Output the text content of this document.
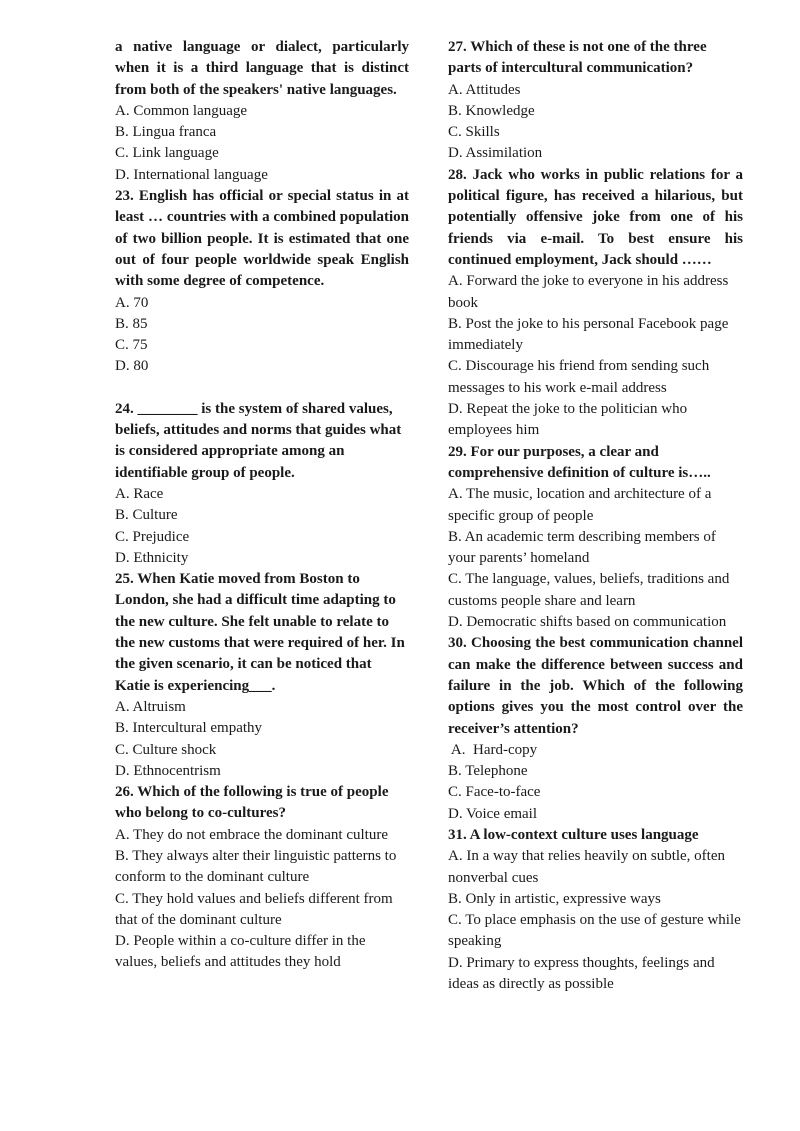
a native language or dialect, particularly when it is a third language that is distinct from both of the speakers' native languages.

A. Common language

B. Lingua franca

C. Link language

D. International language

23. English has official or special status in at least … countries with a combined population of two billion people. It is estimated that one out of four people worldwide speak English with some degree of competence.

A. 70

B. 85

C. 75

D. 80

24. ________ is the system of shared values, beliefs, attitudes and norms that guides what is considered appropriate among an identifiable group of people.

A. Race

B. Culture

C. Prejudice

D. Ethnicity

25. When Katie moved from Boston to London, she had a difficult time adapting to the new culture. She felt unable to relate to the new customs that were required of her. In the given scenario, it can be noticed that Katie is experiencing___.

A. Altruism

B. Intercultural empathy

C. Culture shock

D. Ethnocentrism

26. Which of the following is true of people who belong to co-cultures?

A. They do not embrace the dominant culture

B. They always alter their linguistic patterns to conform to the dominant culture

C. They hold values and beliefs different from that of the dominant culture

D. People within a co-culture differ in the values, beliefs and attitudes they hold

27. Which of these is not one of the three parts of intercultural communication?

A. Attitudes

B. Knowledge

C. Skills

D. Assimilation

28. Jack who works in public relations for a political figure, has received a hilarious, but potentially offensive joke from one of his friends via e-mail. To best ensure his continued employment, Jack should ……

A. Forward the joke to everyone in his address book

B. Post the joke to his personal Facebook page immediately

C. Discourage his friend from sending such messages to his work e-mail address

D. Repeat the joke to the politician who employees him

29. For our purposes, a clear and comprehensive definition of culture is…..

A. The music, location and architecture of a specific group of people

B. An academic term describing members of your parents’ homeland

C. The language, values, beliefs, traditions and customs people share and learn

D. Democratic shifts based on communication

30. Choosing the best communication channel can make the difference between success and failure in the job. Which of the following options gives you the most control over the receiver’s attention?

A.  Hard-copy

B. Telephone

C. Face-to-face

D. Voice email

31. A low-context culture uses language

A. In a way that relies heavily on subtle, often nonverbal cues

B. Only in artistic, expressive ways

C. To place emphasis on the use of gesture while speaking

D. Primary to express thoughts, feelings and ideas as directly as possible
